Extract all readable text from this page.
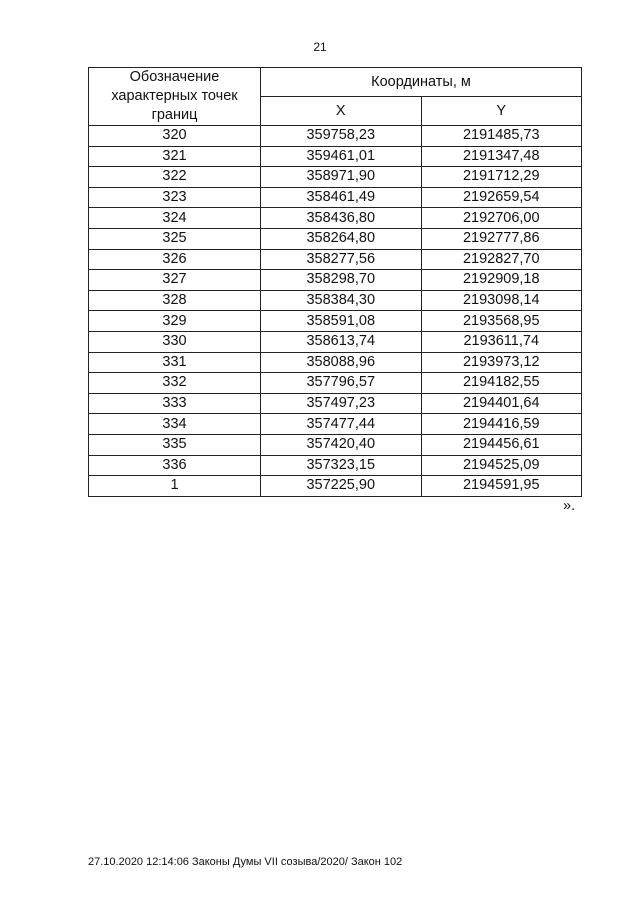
21
Обозначение характерных точек границ	Координаты, м	
	X	Y
320	359758,23	2191485,73
321	359461,01	2191347,48
322	358971,90	2191712,29
323	358461,49	2192659,54
324	358436,80	2192706,00
325	358264,80	2192777,86
326	358277,56	2192827,70
327	358298,70	2192909,18
328	358384,30	2193098,14
329	358591,08	2193568,95
330	358613,74	2193611,74
331	358088,96	2193973,12
332	357796,57	2194182,55
333	357497,23	2194401,64
334	357477,44	2194416,59
335	357420,40	2194456,61
336	357323,15	2194525,09
1	357225,90	2194591,95
».
27.10.2020 12:14:06 Законы Думы VII созыва/2020/ Закон 102
